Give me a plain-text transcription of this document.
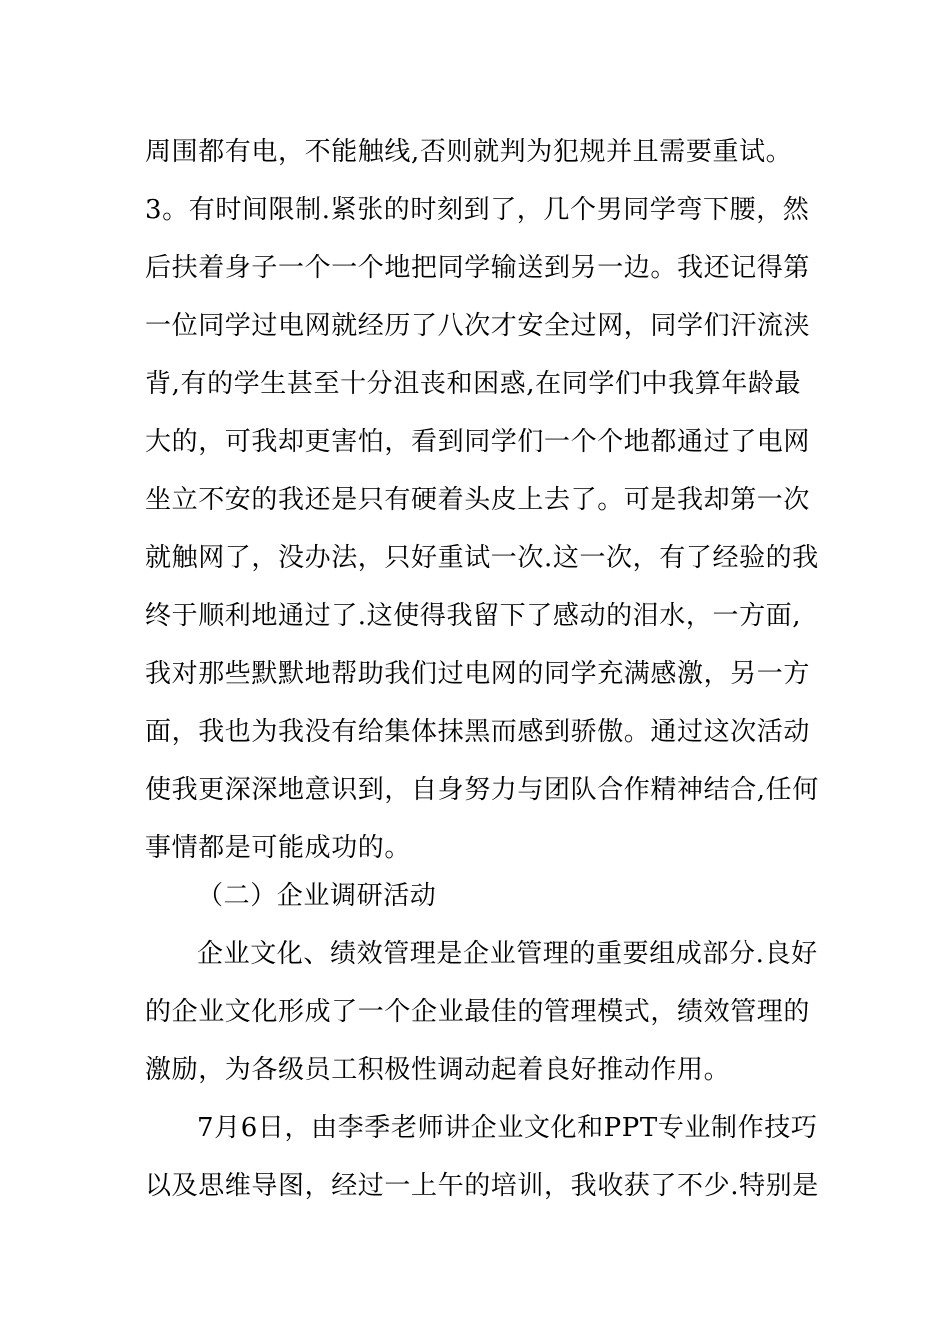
周围都有电，不能触线,否则就判为犯规并且需要重试。
3。有时间限制.紧张的时刻到了，几个男同学弯下腰，然
后扶着身子一个一个地把同学输送到另一边。我还记得第
一位同学过电网就经历了八次才安全过网，同学们汗流浃
背,有的学生甚至十分沮丧和困惑,在同学们中我算年龄最
大的，可我却更害怕，看到同学们一个个地都通过了电网
坐立不安的我还是只有硬着头皮上去了。可是我却第一次
就触网了，没办法，只好重试一次.这一次，有了经验的我
终于顺利地通过了.这使得我留下了感动的泪水，一方面,
我对那些默默地帮助我们过电网的同学充满感激，另一方
面，我也为我没有给集体抹黑而感到骄傲。通过这次活动
使我更深深地意识到，自身努力与团队合作精神结合,任何
事情都是可能成功的。
（二）企业调研活动
企业文化、绩效管理是企业管理的重要组成部分.良好
的企业文化形成了一个企业最佳的管理模式，绩效管理的
激励，为各级员工积极性调动起着良好推动作用。
7月6日，由李季老师讲企业文化和PPT专业制作技巧
以及思维导图，经过一上午的培训，我收获了不少.特别是
